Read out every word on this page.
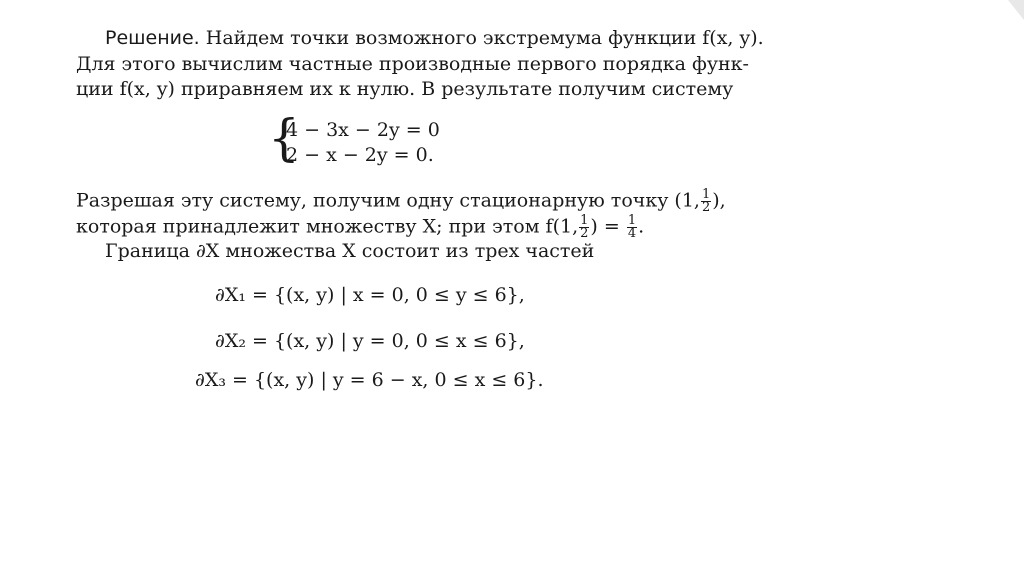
Решение. Найдем точки возможного экстремума функции f(x, y).
Для этого вычислим частные производные первого порядка функ-
ции f(x, y) приравняем их к нулю. В результате получим систему
{
4 − 3x − 2y = 0
2 − x − 2y = 0.
Разрешая эту систему, получим одну стационарную точку (1, $\frac{1}{2}$ ),
которая принадлежит множеству X; при этом f(1, $\frac{1}{2}$ ) = $\frac{1}{4}$ .
Граница ∂X множества X состоит из трех частей
∂X₁ = {(x, y) | x = 0, 0 ≤ y ≤ 6},
∂X₂ = {(x, y) | y = 0, 0 ≤ x ≤ 6},
∂X₃ = {(x, y) | y = 6 − x, 0 ≤ x ≤ 6}.
